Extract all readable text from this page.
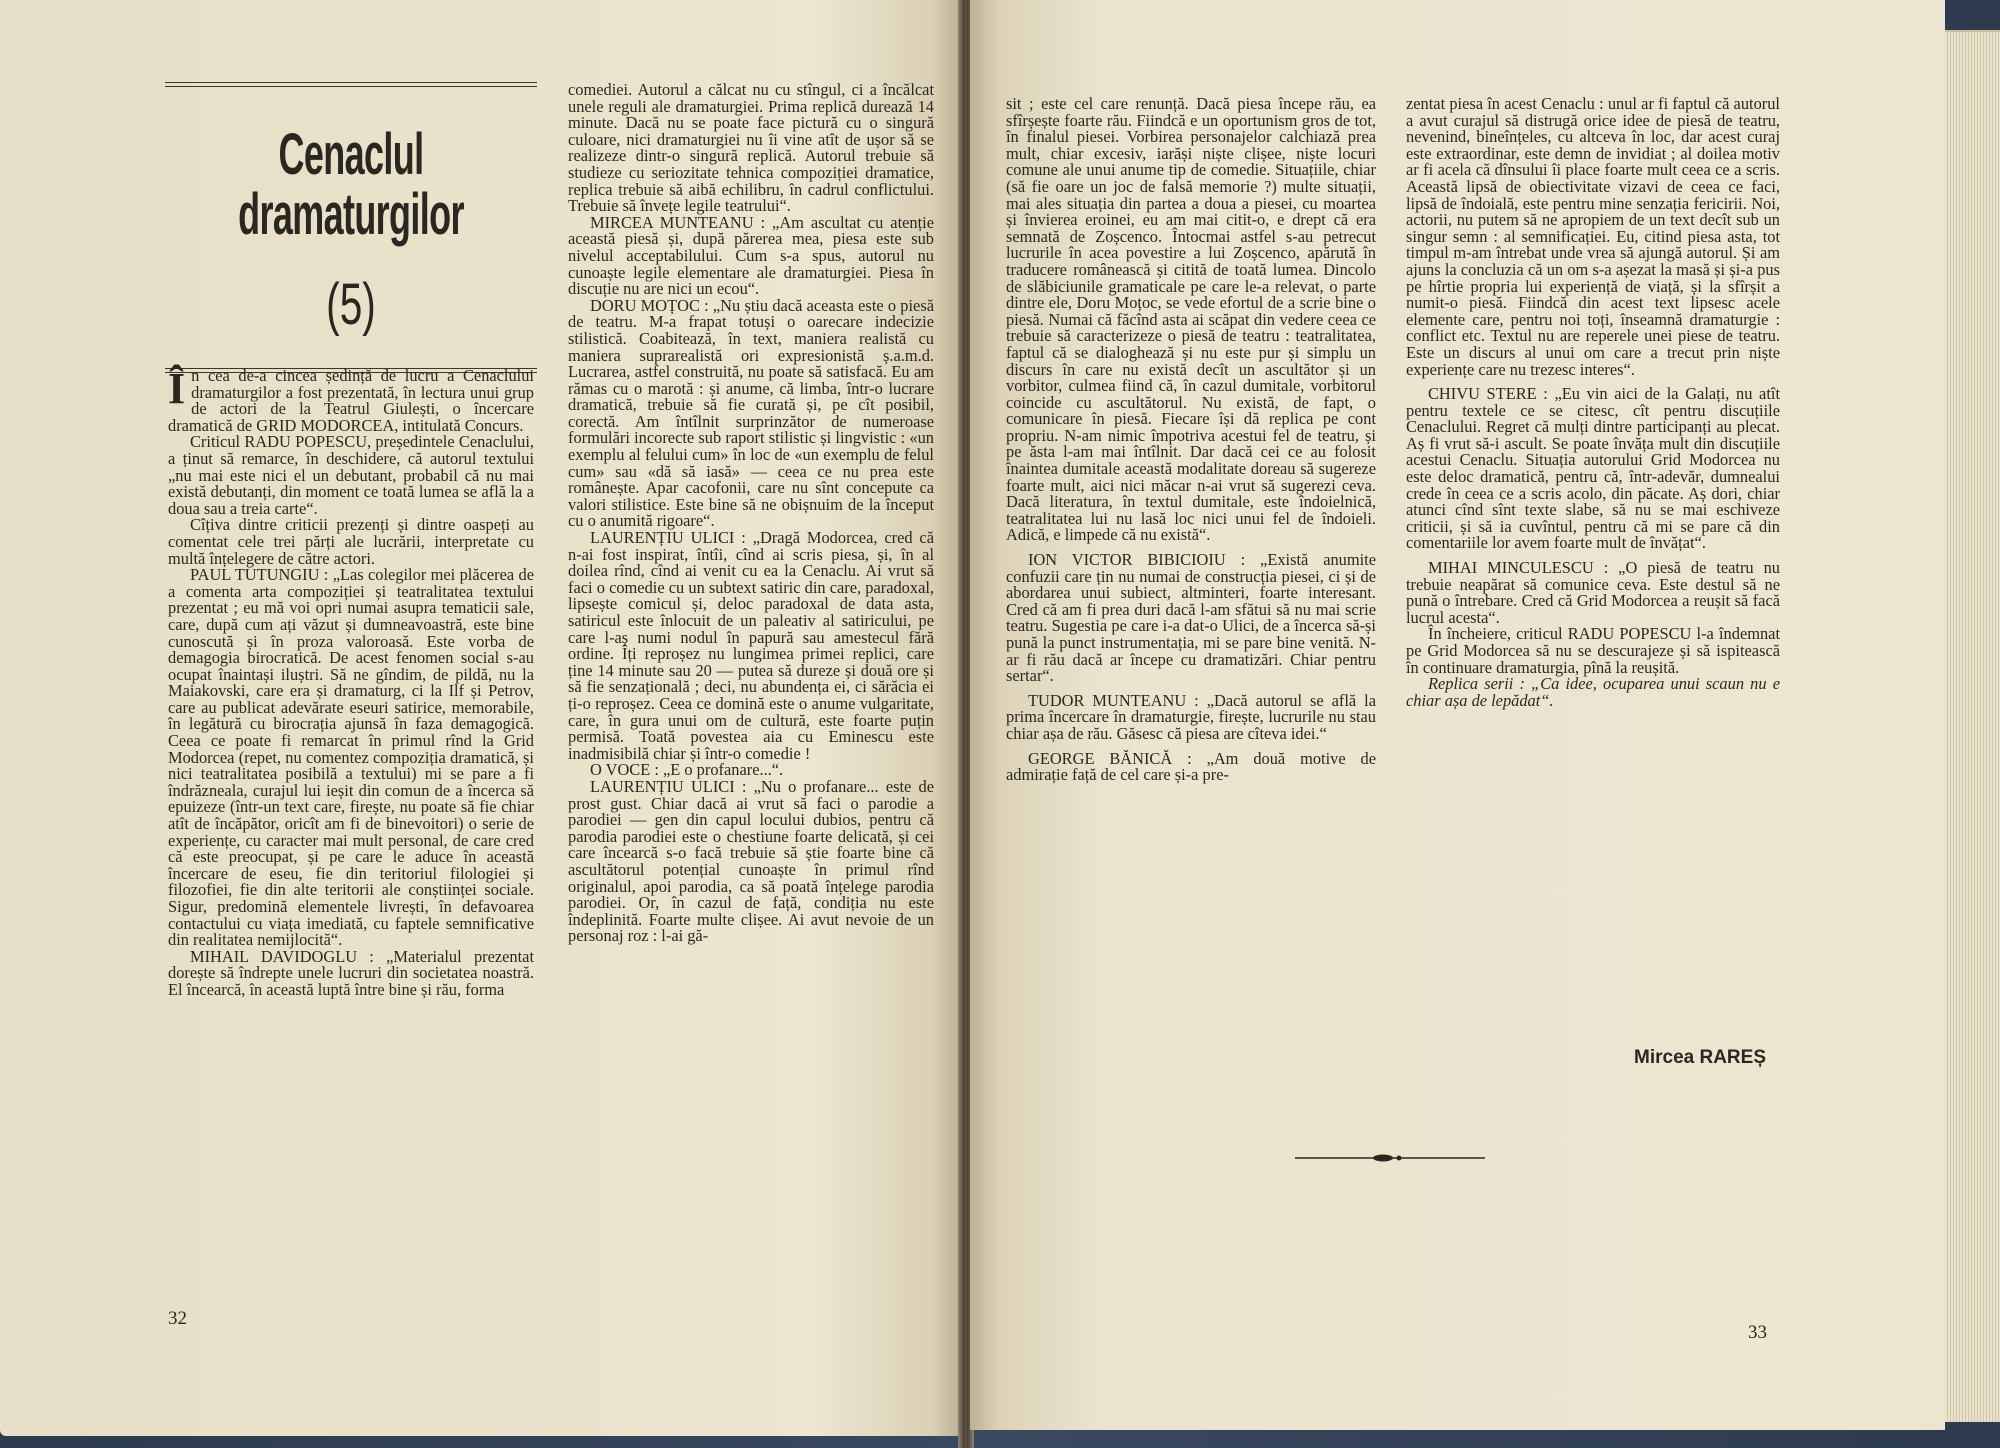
Cenaclul
dramaturgilor
(5)

În cea de-a cincea ședință de lucru a Cenaclului dramaturgilor a fost prezentată, în lectura unui grup de actori de la Teatrul Giulești, o încercare dramatică de GRID MODORCEA, intitulată Concurs.

Criticul RADU POPESCU, președintele Cenaclului, a ținut să remarce, în deschidere, că autorul textului „nu mai este nici el un debutant, probabil că nu mai există debutanți, din moment ce toată lumea se află la a doua sau a treia carte“.

Cîțiva dintre criticii prezenți și dintre oaspeți au comentat cele trei părți ale lucrării, interpretate cu multă înțelegere de către actori.

PAUL TUTUNGIU : „Las colegilor mei plăcerea de a comenta arta compoziției și teatralitatea textului prezentat ; eu mă voi opri numai asupra tematicii sale, care, după cum ați văzut și dumneavoastră, este bine cunoscută și în proza valoroasă. Este vorba de demagogia birocratică. De acest fenomen social s-au ocupat înaintași iluștri. Să ne gîndim, de pildă, nu la Maiakovski, care era și dramaturg, ci la Ilf și Petrov, care au publicat adevărate eseuri satirice, memorabile, în legătură cu birocrația ajunsă în faza demagogică. Ceea ce poate fi remarcat în primul rînd la Grid Modorcea (repet, nu comentez compoziția dramatică, și nici teatralitatea posibilă a textului) mi se pare a fi îndrăzneala, curajul lui ieșit din comun de a încerca să epuizeze (într-un text care, firește, nu poate să fie chiar atît de încăpător, oricît am fi de binevoitori) o serie de experiențe, cu caracter mai mult personal, de care cred că este preocupat, și pe care le aduce în această încercare de eseu, fie din teritoriul filologiei și filozofiei, fie din alte teritorii ale conștiinței sociale. Sigur, predomină elementele livrești, în defavoarea contactului cu viața imediată, cu faptele semnificative din realitatea nemijlocită“.

MIHAIL DAVIDOGLU : „Materialul prezentat dorește să îndrepte unele lucruri din societatea noastră. El încearcă, în această luptă între bine și rău, forma

comediei. Autorul a călcat nu cu stîngul, ci a încălcat unele reguli ale dramaturgiei. Prima replică durează 14 minute. Dacă nu se poate face pictură cu o singură culoare, nici dramaturgiei nu îi vine atît de ușor să se realizeze dintr-o singură replică. Autorul trebuie să studieze cu seriozitate tehnica compoziției dramatice, replica trebuie să aibă echilibru, în cadrul conflictului. Trebuie să învețe legile teatrului“.

MIRCEA MUNTEANU : „Am ascultat cu atenție această piesă și, după părerea mea, piesa este sub nivelul acceptabilului. Cum s-a spus, autorul nu cunoaște legile elementare ale dramaturgiei. Piesa în discuție nu are nici un ecou“.

DORU MOȚOC : „Nu știu dacă aceasta este o piesă de teatru. M-a frapat totuși o oarecare indecizie stilistică. Coabitează, în text, maniera realistă cu maniera suprarealistă ori expresionistă ș.a.m.d. Lucrarea, astfel construită, nu poate să satisfacă. Eu am rămas cu o marotă : și anume, că limba, într-o lucrare dramatică, trebuie să fie curată și, pe cît posibil, corectă. Am întîlnit surprinzător de numeroase formulări incorecte sub raport stilistic și lingvistic : «un exemplu al felului cum» în loc de «un exemplu de felul cum» sau «dă să iasă» — ceea ce nu prea este românește. Apar cacofonii, care nu sînt concepute ca valori stilistice. Este bine să ne obișnuim de la început cu o anumită rigoare“.

LAURENȚIU ULICI : „Dragă Modorcea, cred că n-ai fost inspirat, întîi, cînd ai scris piesa, și, în al doilea rînd, cînd ai venit cu ea la Cenaclu. Ai vrut să faci o comedie cu un subtext satiric din care, paradoxal, lipsește comicul și, deloc paradoxal de data asta, satiricul este înlocuit de un paleativ al satiricului, pe care l-aș numi nodul în papură sau amestecul fără ordine. Îți reproșez nu lungimea primei replici, care ține 14 minute sau 20 — putea să dureze și două ore și să fie senzațională ; deci, nu abundența ei, ci sărăcia ei ți-o reproșez. Ceea ce domină este o anume vulgaritate, care, în gura unui om de cultură, este foarte puțin permisă. Toată povestea aia cu Eminescu este inadmisibilă chiar și într-o comedie !

O VOCE : „E o profanare...“.

LAURENȚIU ULICI : „Nu o profanare... este de prost gust. Chiar dacă ai vrut să faci o parodie a parodiei — gen din capul locului dubios, pentru că parodia parodiei este o chestiune foarte delicată, și cei care încearcă s-o facă trebuie să știe foarte bine că ascultătorul potențial cunoaște în primul rînd originalul, apoi parodia, ca să poată înțelege parodia parodiei. Or, în cazul de față, condiția nu este îndeplinită. Foarte multe clișee. Ai avut nevoie de un personaj roz : l-ai gă-

32

sit ; este cel care renunță. Dacă piesa începe rău, ea sfîrșește foarte rău. Fiindcă e un oportunism gros de tot, în finalul piesei. Vorbirea personajelor calchiază prea mult, chiar excesiv, iarăși niște clișee, niște locuri comune ale unui anume tip de comedie. Situațiile, chiar (să fie oare un joc de falsă memorie ?) multe situații, mai ales situația din partea a doua a piesei, cu moartea și învierea eroinei, eu am mai citit-o, e drept că era semnată de Zoșcenco. Întocmai astfel s-au petrecut lucrurile în acea povestire a lui Zoșcenco, apărută în traducere românească și citită de toată lumea. Dincolo de slăbiciunile gramaticale pe care le-a relevat, o parte dintre ele, Doru Moțoc, se vede efortul de a scrie bine o piesă. Numai că făcînd asta ai scăpat din vedere ceea ce trebuie să caracterizeze o piesă de teatru : teatralitatea, faptul că se dialoghează și nu este pur și simplu un discurs în care nu există decît un ascultător și un vorbitor, culmea fiind că, în cazul dumitale, vorbitorul coincide cu ascultătorul. Nu există, de fapt, o comunicare în piesă. Fiecare își dă replica pe cont propriu. N-am nimic împotriva acestui fel de teatru, și pe ăsta l-am mai întîlnit. Dar dacă cei ce au folosit înaintea dumitale această modalitate doreau să sugereze foarte mult, aici nici măcar n-ai vrut să sugerezi ceva. Dacă literatura, în textul dumitale, este îndoielnică, teatralitatea lui nu lasă loc nici unui fel de îndoieli. Adică, e limpede că nu există“.

ION VICTOR BIBICIOIU : „Există anumite confuzii care țin nu numai de construcția piesei, ci și de abordarea unui subiect, altminteri, foarte interesant. Cred că am fi prea duri dacă l-am sfătui să nu mai scrie teatru. Sugestia pe care i-a dat-o Ulici, de a încerca să-și pună la punct instrumentația, mi se pare bine venită. N-ar fi rău dacă ar începe cu dramatizări. Chiar pentru sertar“.

TUDOR MUNTEANU : „Dacă autorul se află la prima încercare în dramaturgie, firește, lucrurile nu stau chiar așa de rău. Găsesc că piesa are cîteva idei.“

GEORGE BĂNICĂ : „Am două motive de admirație față de cel care și-a pre-

zentat piesa în acest Cenaclu : unul ar fi faptul că autorul a avut curajul să distrugă orice idee de piesă de teatru, nevenind, bineînțeles, cu altceva în loc, dar acest curaj este extraordinar, este demn de invidiat ; al doilea motiv ar fi acela că dînsului îi place foarte mult ceea ce a scris. Această lipsă de obiectivitate vizavi de ceea ce faci, lipsă de îndoială, este pentru mine senzația fericirii. Noi, actorii, nu putem să ne apropiem de un text decît sub un singur semn : al semnificației. Eu, citind piesa asta, tot timpul m-am întrebat unde vrea să ajungă autorul. Și am ajuns la concluzia că un om s-a așezat la masă și și-a pus pe hîrtie propria lui experiență de viață, și la sfîrșit a numit-o piesă. Fiindcă din acest text lipsesc acele elemente care, pentru noi toți, înseamnă dramaturgie : conflict etc. Textul nu are reperele unei piese de teatru. Este un discurs al unui om care a trecut prin niște experiențe care nu trezesc interes“.

CHIVU STERE : „Eu vin aici de la Galați, nu atît pentru textele ce se citesc, cît pentru discuțiile Cenaclului. Regret că mulți dintre participanți au plecat. Aș fi vrut să-i ascult. Se poate învăța mult din discuțiile acestui Cenaclu. Situația autorului Grid Modorcea nu este deloc dramatică, pentru că, într-adevăr, dumnealui crede în ceea ce a scris acolo, din păcate. Aș dori, chiar atunci cînd sînt texte slabe, să nu se mai eschiveze criticii, și să ia cuvîntul, pentru că mi se pare că din comentariile lor avem foarte mult de învățat“.

MIHAI MINCULESCU : „O piesă de teatru nu trebuie neapărat să comunice ceva. Este destul să ne pună o întrebare. Cred că Grid Modorcea a reușit să facă lucrul acesta“.

În încheiere, criticul RADU POPESCU l-a îndemnat pe Grid Modorcea să nu se descurajeze și să ispitească în continuare dramaturgia, pînă la reușită.

Replica serii : „Ca idee, ocuparea unui scaun nu e chiar așa de lepădat“.

33
Mircea RAREȘ
